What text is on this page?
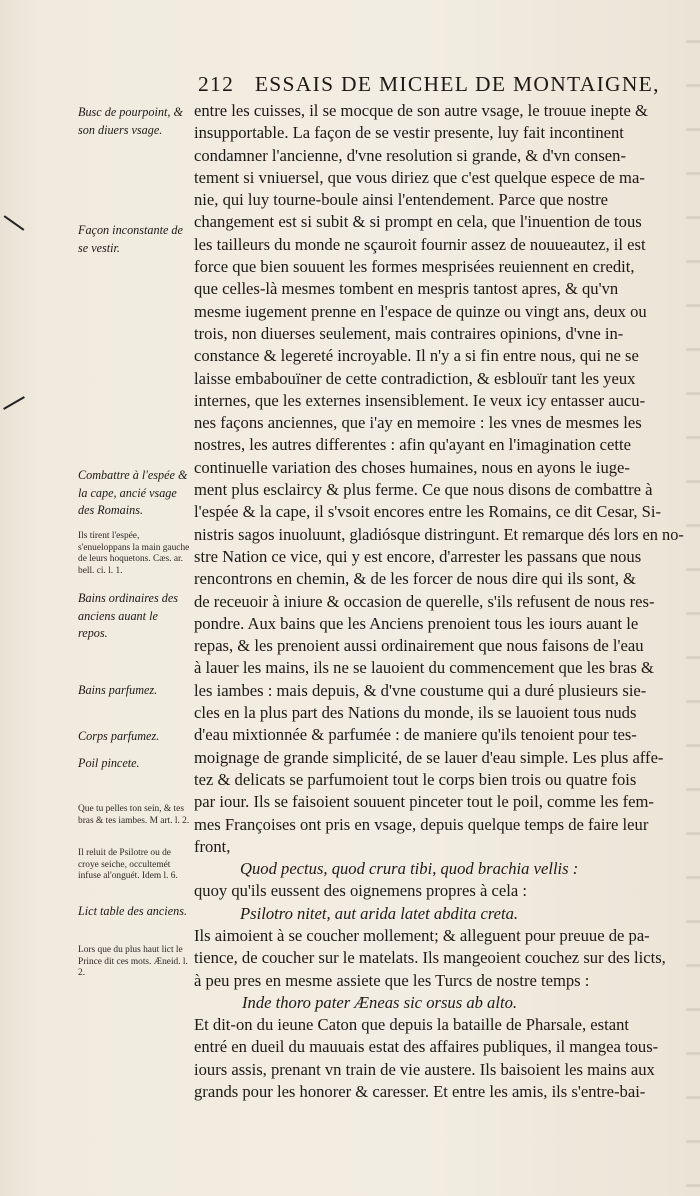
212 ESSAIS DE MICHEL DE MONTAIGNE,
Busc de pourpoint, & son diuers vsage.
Façon inconstante de se vestir.
Combattre à l'espée & la cape, ancié vsage des Romains.
Ils tirent l'espée, s'enueloppans la main gauche de leurs hoquetons. Cæs. ar. bell. ci. l. 1.
Bains ordinaires des anciens auant le repos.
Bains parfumez.
Corps parfumez.
Poil pincete.
Que tu pelles ton sein, & tes bras & tes iambes. M art. l. 2.
Il reluit de Psilotre ou de croye seiche, occultemét infuse al'onguét. Idem l. 6.
Lict table des anciens.
Lors que du plus haut lict le Prince dit ces mots. Æneid. l. 2.
entre les cuisses, il se mocque de son autre vsage, le trouue inepte &
insupportable. La façon de se vestir presente, luy fait incontinent
condamner l'ancienne, d'vne resolution si grande, & d'vn consen-
tement si vniuersel, que vous diriez que c'est quelque espece de ma-
nie, qui luy tourne-boule ainsi l'entendement. Parce que nostre
changement est si subit & si prompt en cela, que l'inuention de tous
les tailleurs du monde ne sçauroit fournir assez de nouueautez, il est
force que bien souuent les formes mesprisées reuiennent en credit,
que celles-là mesmes tombent en mespris tantost apres, & qu'vn
mesme iugement prenne en l'espace de quinze ou vingt ans, deux ou
trois, non diuerses seulement, mais contraires opinions, d'vne in-
constance & legereté incroyable. Il n'y a si fin entre nous, qui ne se
laisse embabouïner de cette contradiction, & esblouïr tant les yeux
internes, que les externes insensiblement. Ie veux icy entasser aucu-
nes façons anciennes, que i'ay en memoire : les vnes de mesmes les
nostres, les autres differentes : afin qu'ayant en l'imagination cette
continuelle variation des choses humaines, nous en ayons le iuge-
ment plus esclaircy & plus ferme. Ce que nous disons de combattre à
l'espée & la cape, il s'vsoit encores entre les Romains, ce dit Cesar, Si-
nistris sagos inuoluunt, gladiósque distringunt. Et remarque dés lors en no-
stre Nation ce vice, qui y est encore, d'arrester les passans que nous
rencontrons en chemin, & de les forcer de nous dire qui ils sont, &
de receuoir à iniure & occasion de querelle, s'ils refusent de nous res-
pondre. Aux bains que les Anciens prenoient tous les iours auant le
repas, & les prenoient aussi ordinairement que nous faisons de l'eau
à lauer les mains, ils ne se lauoient du commencement que les bras &
les iambes : mais depuis, & d'vne coustume qui a duré plusieurs sie-
cles en la plus part des Nations du monde, ils se lauoient tous nuds
d'eau mixtionnée & parfumée : de maniere qu'ils tenoient pour tes-
moignage de grande simplicité, de se lauer d'eau simple. Les plus affe-
tez & delicats se parfumoient tout le corps bien trois ou quatre fois
par iour. Ils se faisoient souuent pinceter tout le poil, comme les fem-
mes Françoises ont pris en vsage, depuis quelque temps de faire leur
front,
Quod pectus, quod crura tibi, quod brachia vellis :
quoy qu'ils eussent des oignemens propres à cela :
Psilotro nitet, aut arida latet abdita creta.
Ils aimoient à se coucher mollement; & alleguent pour preuue de pa-
tience, de coucher sur le matelats. Ils mangeoient couchez sur des licts,
à peu pres en mesme assiete que les Turcs de nostre temps :
Inde thoro pater Æneas sic orsus ab alto.
Et dit-on du ieune Caton que depuis la bataille de Pharsale, estant
entré en dueil du mauuais estat des affaires publiques, il mangea tous-
iours assis, prenant vn train de vie austere. Ils baisoient les mains aux
grands pour les honorer & caresser. Et entre les amis, ils s'entre-bai-
